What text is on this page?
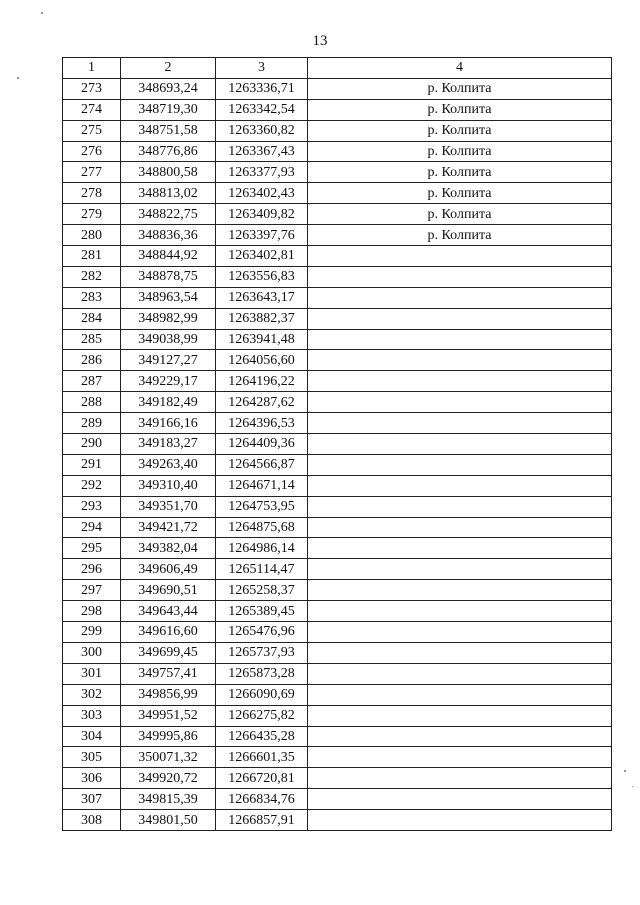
13
1	2	3	4
273	348693,24	1263336,71	р. Колпита
274	348719,30	1263342,54	р. Колпита
275	348751,58	1263360,82	р. Колпита
276	348776,86	1263367,43	р. Колпита
277	348800,58	1263377,93	р. Колпита
278	348813,02	1263402,43	р. Колпита
279	348822,75	1263409,82	р. Колпита
280	348836,36	1263397,76	р. Колпита
281	348844,92	1263402,81	
282	348878,75	1263556,83	
283	348963,54	1263643,17	
284	348982,99	1263882,37	
285	349038,99	1263941,48	
286	349127,27	1264056,60	
287	349229,17	1264196,22	
288	349182,49	1264287,62	
289	349166,16	1264396,53	
290	349183,27	1264409,36	
291	349263,40	1264566,87	
292	349310,40	1264671,14	
293	349351,70	1264753,95	
294	349421,72	1264875,68	
295	349382,04	1264986,14	
296	349606,49	1265114,47	
297	349690,51	1265258,37	
298	349643,44	1265389,45	
299	349616,60	1265476,96	
300	349699,45	1265737,93	
301	349757,41	1265873,28	
302	349856,99	1266090,69	
303	349951,52	1266275,82	
304	349995,86	1266435,28	
305	350071,32	1266601,35	
306	349920,72	1266720,81	
307	349815,39	1266834,76	
308	349801,50	1266857,91	
